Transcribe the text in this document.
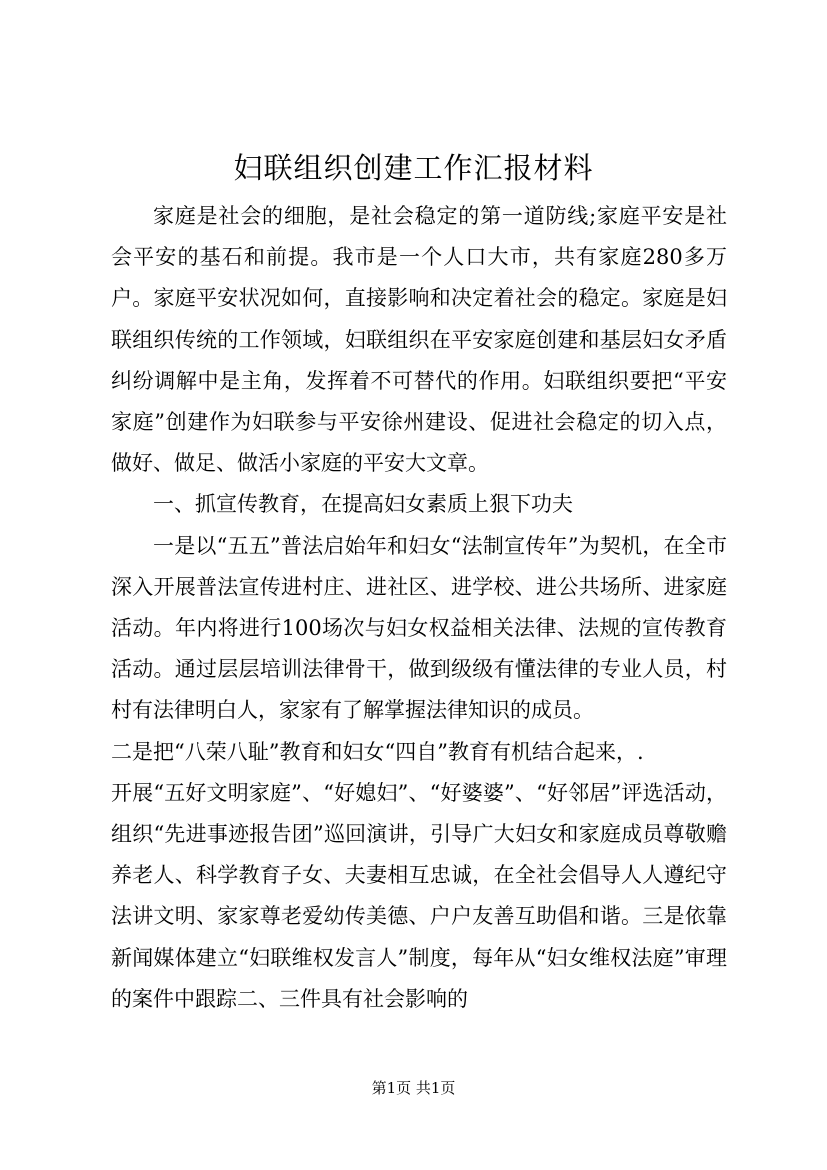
妇联组织创建工作汇报材料

家庭是社会的细胞，是社会稳定的第一道防线;家庭平安是社会平安的基石和前提。我市是一个人口大市，共有家庭280多万户。家庭平安状况如何，直接影响和决定着社会的稳定。家庭是妇联组织传统的工作领域，妇联组织在平安家庭创建和基层妇女矛盾纠纷调解中是主角，发挥着不可替代的作用。妇联组织要把“平安家庭”创建作为妇联参与平安徐州建设、促进社会稳定的切入点，做好、做足、做活小家庭的平安大文章。

一、抓宣传教育，在提高妇女素质上狠下功夫

一是以“五五”普法启始年和妇女“法制宣传年”为契机，在全市深入开展普法宣传进村庄、进社区、进学校、进公共场所、进家庭活动。年内将进行100场次与妇女权益相关法律、法规的宣传教育活动。通过层层培训法律骨干，做到级级有懂法律的专业人员，村村有法律明白人，家家有了解掌握法律知识的成员。

二是把“八荣八耻”教育和妇女“四自”教育有机结合起来，.

开展“五好文明家庭”、“好媳妇”、“好婆婆”、“好邻居”评选活动，组织“先进事迹报告团”巡回演讲，引导广大妇女和家庭成员尊敬赡养老人、科学教育子女、夫妻相互忠诚，在全社会倡导人人遵纪守法讲文明、家家尊老爱幼传美德、户户友善互助倡和谐。三是依靠新闻媒体建立“妇联维权发言人”制度，每年从“妇女维权法庭”审理的案件中跟踪二、三件具有社会影响的

第1页 共1页
